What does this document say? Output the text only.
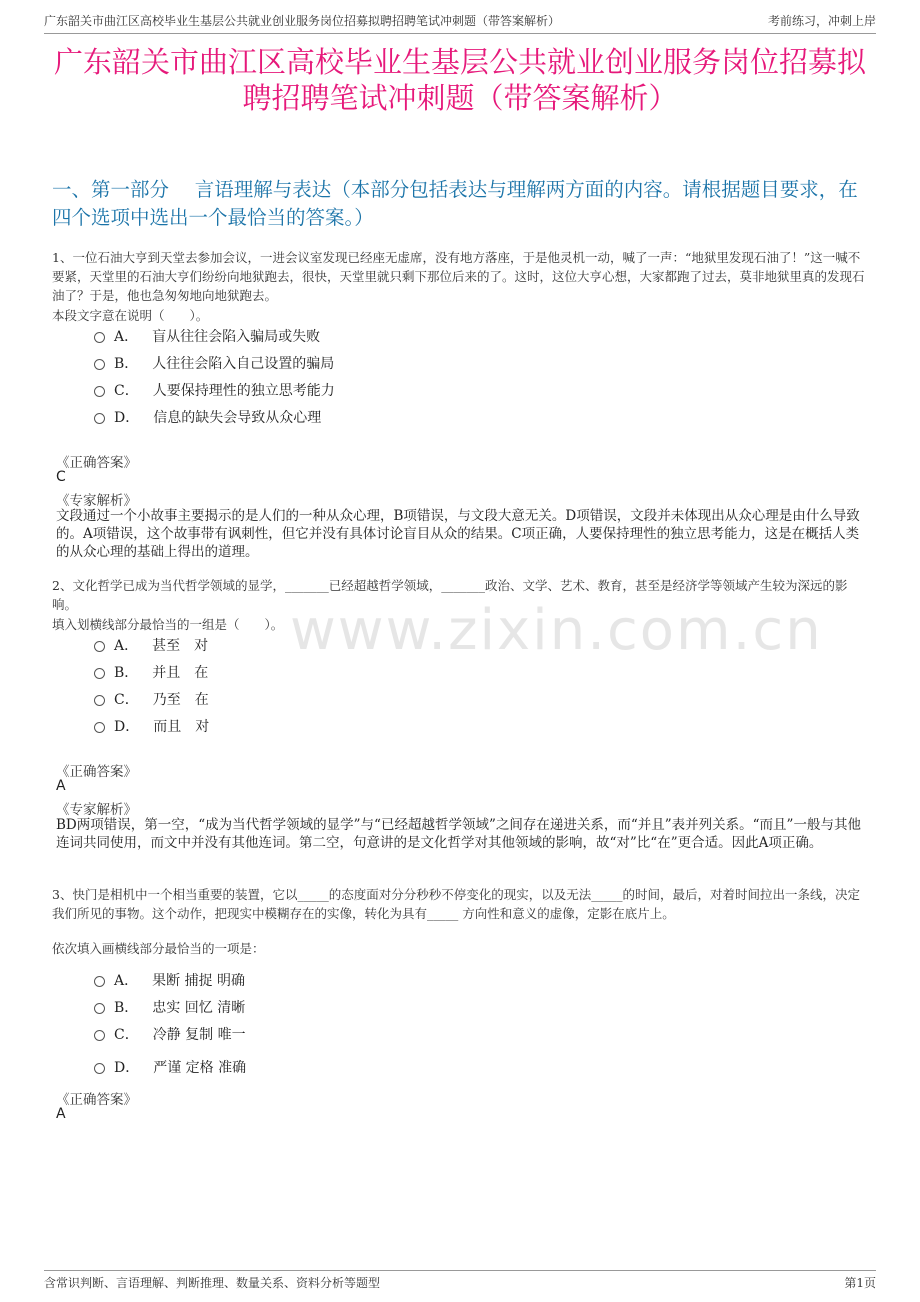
广东韶关市曲江区高校毕业生基层公共就业创业服务岗位招募拟聘招聘笔试冲刺题（带答案解析）	考前练习，冲刺上岸
广东韶关市曲江区高校毕业生基层公共就业创业服务岗位招募拟聘招聘笔试冲刺题（带答案解析）
一、第一部分　 言语理解与表达（本部分包括表达与理解两方面的内容。请根据题目要求，在四个选项中选出一个最恰当的答案。）
1、一位石油大亨到天堂去参加会议，一进会议室发现已经座无虚席，没有地方落座，于是他灵机一动，喊了一声：“地狱里发现石油了！”这一喊不要紧，天堂里的石油大亨们纷纷向地狱跑去，很快，天堂里就只剩下那位后来的了。这时，这位大亨心想，大家都跑了过去，莫非地狱里真的发现石油了？于是，他也急匆匆地向地狱跑去。
本段文字意在说明（　　）。
A． 盲从往往会陷入骗局或失败
B． 人往往会陷入自己设置的骗局
C． 人要保持理性的独立思考能力
D． 信息的缺失会导致从众心理
《正确答案》
C
《专家解析》
文段通过一个小故事主要揭示的是人们的一种从众心理，B项错误，与文段大意无关。D项错误，文段并未体现出从众心理是由什么导致的。A项错误，这个故事带有讽刺性，但它并没有具体讨论盲目从众的结果。C项正确，人要保持理性的独立思考能力，这是在概括人类的从众心理的基础上得出的道理。
2、文化哲学已成为当代哲学领域的显学，_______已经超越哲学领域，_______政治、文学、艺术、教育，甚至是经济学等领域产生较为深远的影响。
填入划横线部分最恰当的一组是（　　）。
A． 甚至　对
B． 并且　在
C． 乃至　在
D． 而且　对
《正确答案》
A
《专家解析》
BD两项错误，第一空，“成为当代哲学领域的显学”与“已经超越哲学领域”之间存在递进关系，而“并且”表并列关系。“而且”一般与其他连词共同使用，而文中并没有其他连词。第二空，句意讲的是文化哲学对其他领域的影响，故“对”比“在”更合适。因此A项正确。
3、快门是相机中一个相当重要的装置，它以_____的态度面对分分秒秒不停变化的现实，以及无法_____的时间，最后，对着时间拉出一条线，决定我们所见的事物。这个动作，把现实中模糊存在的实像，转化为具有_____ 方向性和意义的虚像，定影在底片上。
依次填入画横线部分最恰当的一项是：
A． 果断 捕捉 明确
B． 忠实 回忆 清晰
C． 冷静 复制 唯一
D． 严谨 定格 准确
《正确答案》
A
www.zixin.com.cn
含常识判断、言语理解、判断推理、数量关系、资料分析等题型	第1页
